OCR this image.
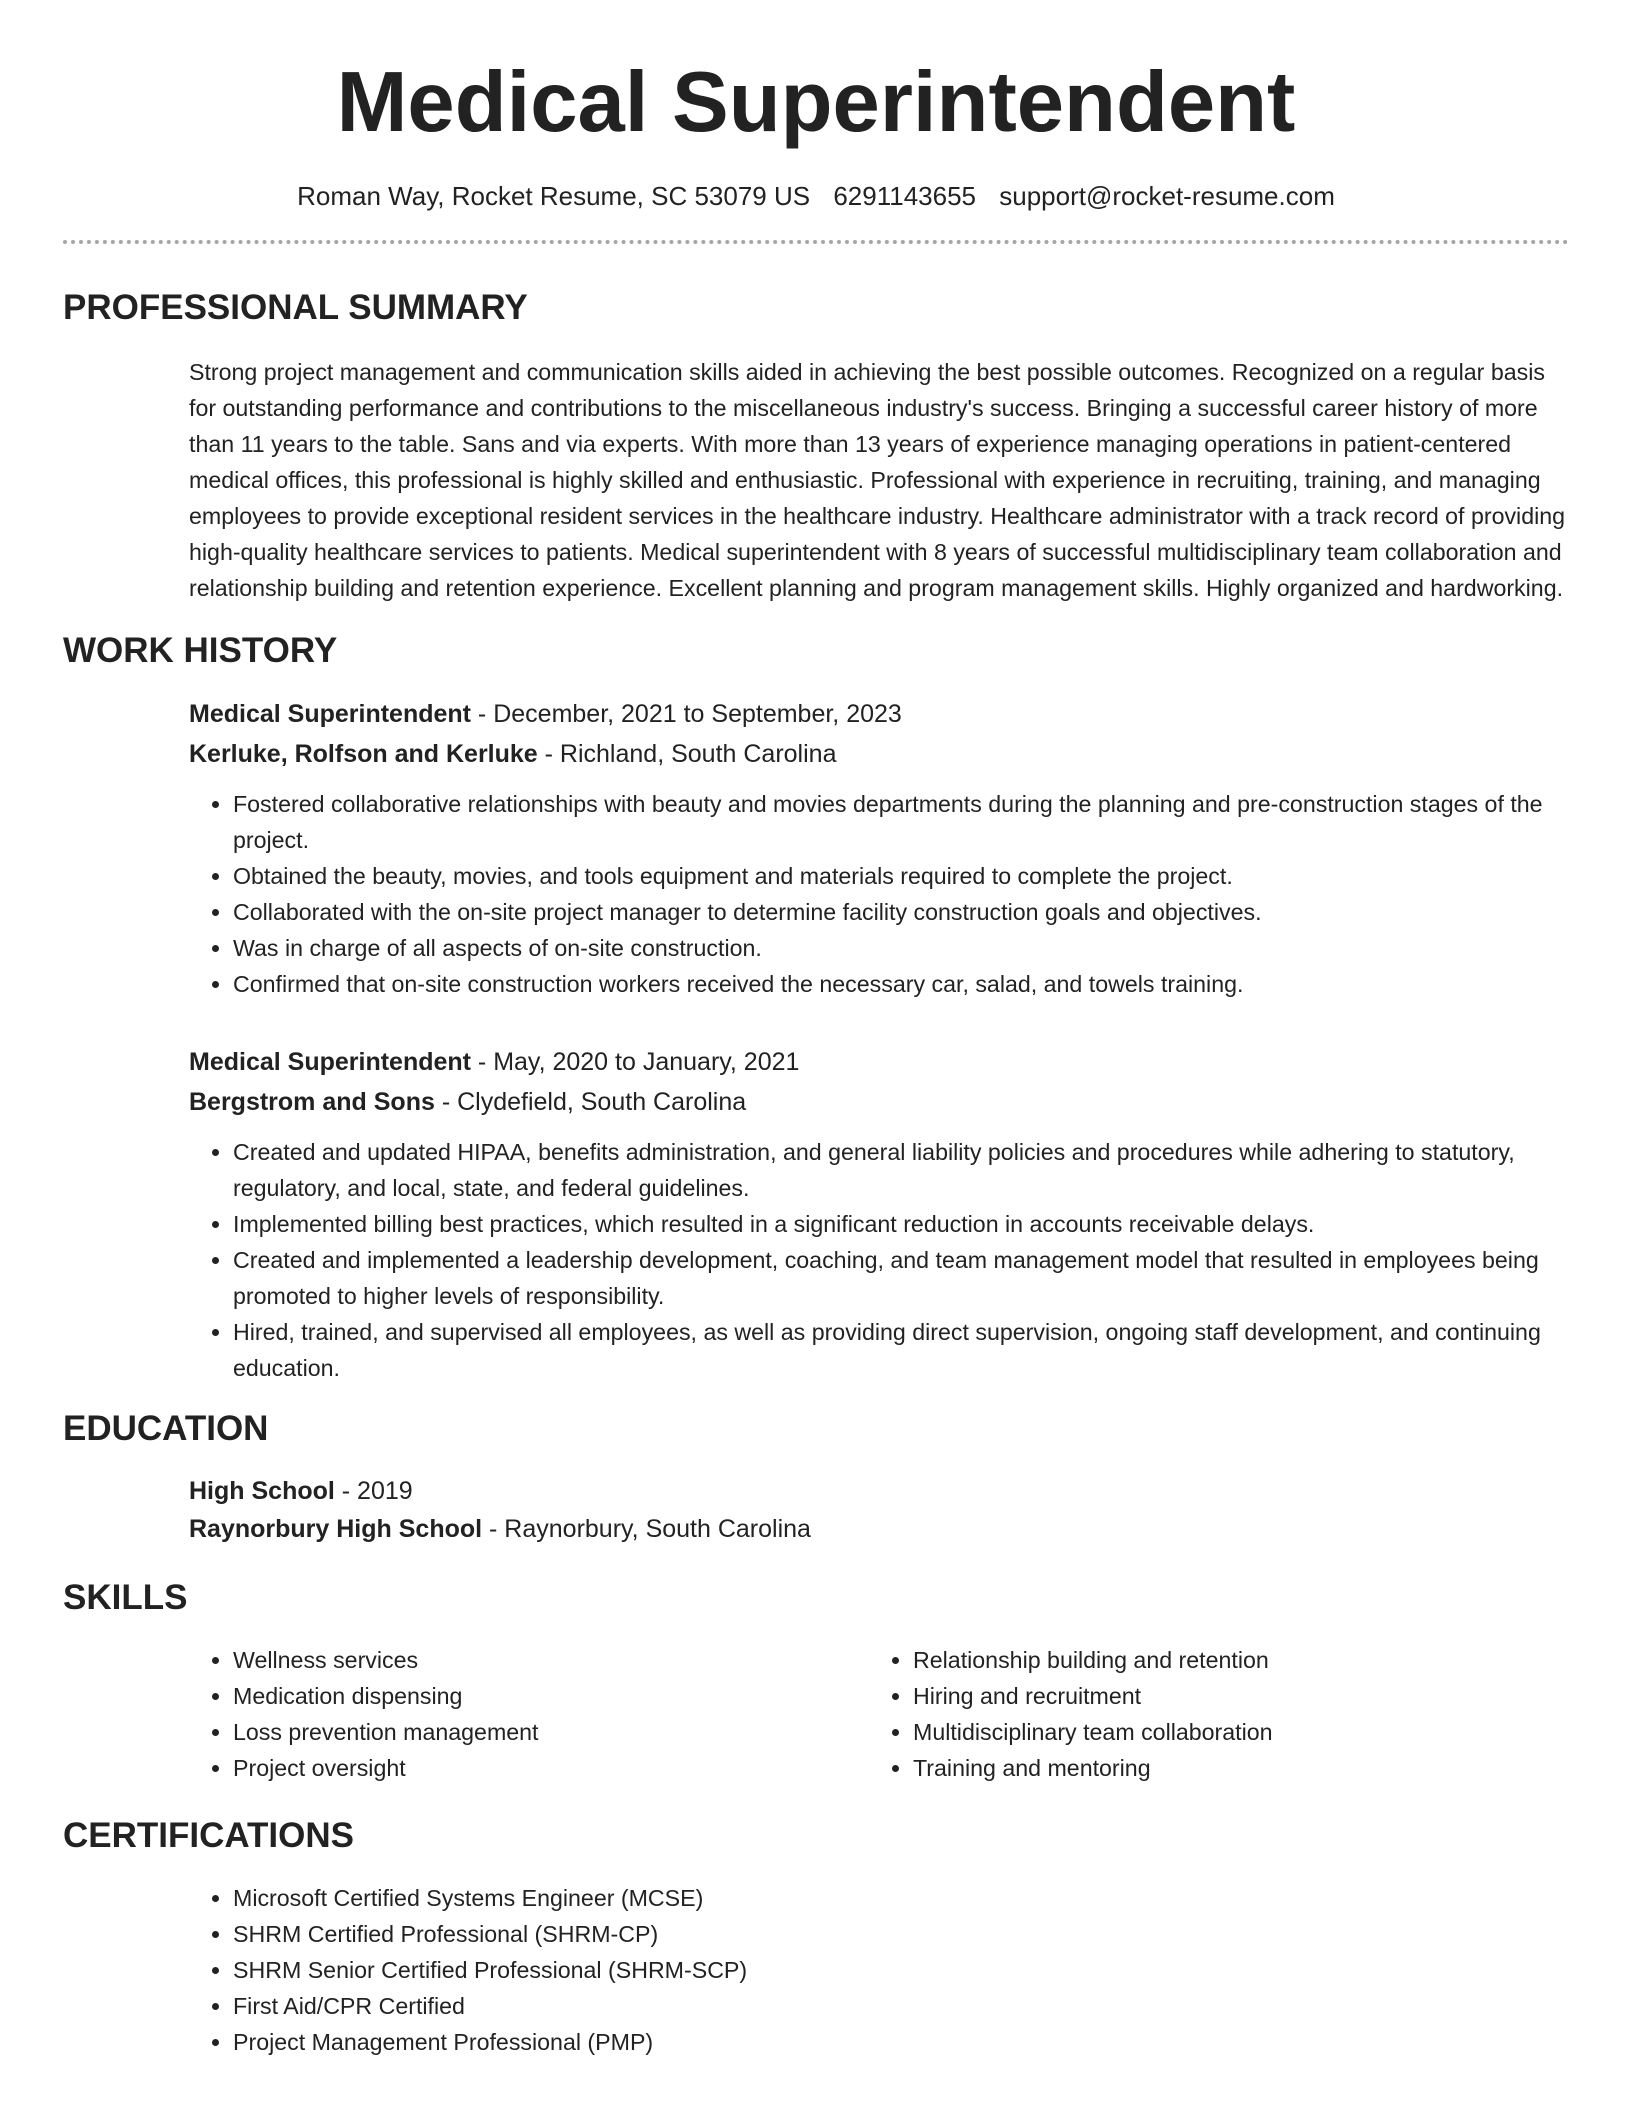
Medical Superintendent
Roman Way, Rocket Resume, SC 53079 US 6291143655 support@rocket-resume.com
PROFESSIONAL SUMMARY
Strong project management and communication skills aided in achieving the best possible outcomes. Recognized on a regular basis for outstanding performance and contributions to the miscellaneous industry's success. Bringing a successful career history of more than 11 years to the table. Sans and via experts. With more than 13 years of experience managing operations in patient-centered medical offices, this professional is highly skilled and enthusiastic. Professional with experience in recruiting, training, and managing employees to provide exceptional resident services in the healthcare industry. Healthcare administrator with a track record of providing high-quality healthcare services to patients. Medical superintendent with 8 years of successful multidisciplinary team collaboration and relationship building and retention experience. Excellent planning and program management skills. Highly organized and hardworking.
WORK HISTORY
Medical Superintendent - December, 2021 to September, 2023
Kerluke, Rolfson and Kerluke - Richland, South Carolina
• Fostered collaborative relationships with beauty and movies departments during the planning and pre-construction stages of the project.
• Obtained the beauty, movies, and tools equipment and materials required to complete the project.
• Collaborated with the on-site project manager to determine facility construction goals and objectives.
• Was in charge of all aspects of on-site construction.
• Confirmed that on-site construction workers received the necessary car, salad, and towels training.
Medical Superintendent - May, 2020 to January, 2021
Bergstrom and Sons - Clydefield, South Carolina
• Created and updated HIPAA, benefits administration, and general liability policies and procedures while adhering to statutory, regulatory, and local, state, and federal guidelines.
• Implemented billing best practices, which resulted in a significant reduction in accounts receivable delays.
• Created and implemented a leadership development, coaching, and team management model that resulted in employees being promoted to higher levels of responsibility.
• Hired, trained, and supervised all employees, as well as providing direct supervision, ongoing staff development, and continuing education.
EDUCATION
High School - 2019
Raynorbury High School - Raynorbury, South Carolina
SKILLS
• Wellness services
• Medication dispensing
• Loss prevention management
• Project oversight
• Relationship building and retention
• Hiring and recruitment
• Multidisciplinary team collaboration
• Training and mentoring
CERTIFICATIONS
• Microsoft Certified Systems Engineer (MCSE)
• SHRM Certified Professional (SHRM-CP)
• SHRM Senior Certified Professional (SHRM-SCP)
• First Aid/CPR Certified
• Project Management Professional (PMP)
